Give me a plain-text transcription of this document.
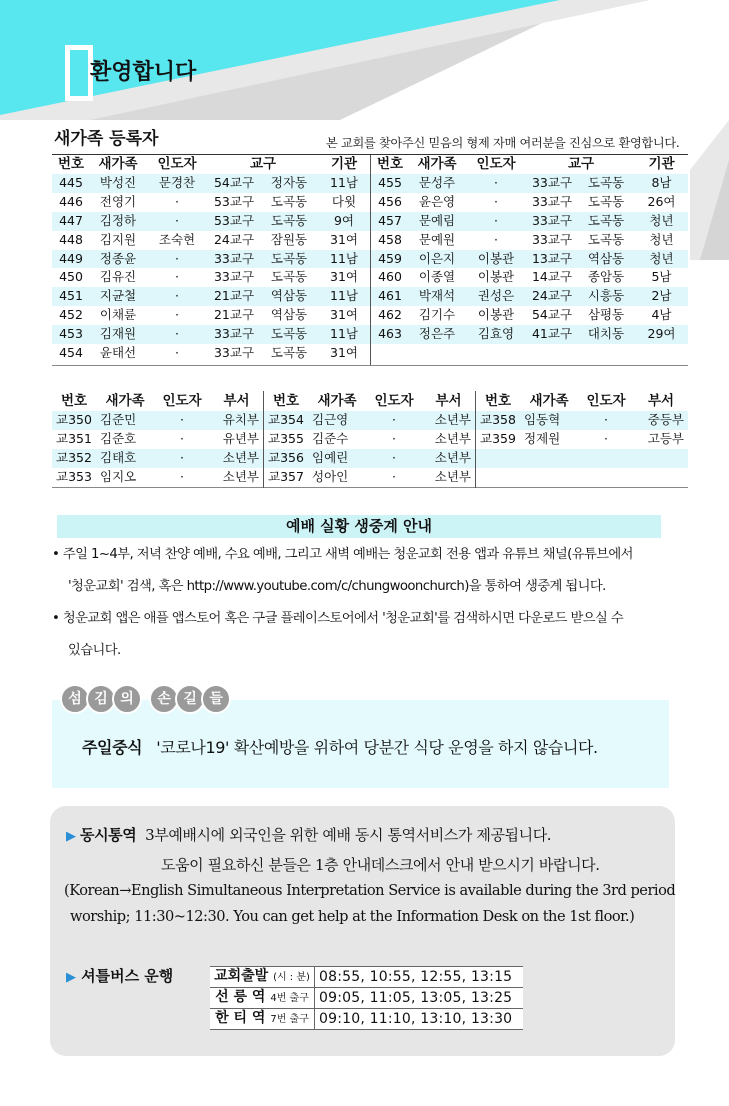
환영합니다
새가족 등록자	본 교회를 찾아주신 믿음의 형제 자매 여러분을 진심으로 환영합니다.
번호	새가족	인도자	교구		기관
445	박성진	문경찬	54교구	정자동	11남
446	전영기	·	53교구	도곡동	다윗
447	김정하	·	53교구	도곡동	9여
448	김지원	조숙현	24교구	잠원동	31여
449	정종윤	·	33교구	도곡동	11남
450	김유진	·	33교구	도곡동	31여
451	지균철	·	21교구	역삼동	11남
452	이채륜	·	21교구	역삼동	31여
453	김재원	·	33교구	도곡동	11남
454	윤태선	·	33교구	도곡동	31여
번호	새가족	인도자	교구		기관
455	문성주	·	33교구	도곡동	8남
456	윤은영	·	33교구	도곡동	26여
457	문예림	·	33교구	도곡동	청년
458	문예원	·	33교구	도곡동	청년
459	이은지	이봉관	13교구	역삼동	청년
460	이종열	이봉관	14교구	종암동	5남
461	박재석	권성은	24교구	시흥동	2남
462	김기수	이봉관	54교구	삼평동	4남
463	정은주	김효영	41교구	대치동	29여

번호	새가족	인도자	부서
교350	김준민	·	유치부
교351	김준호	·	유년부
교352	김태호	·	소년부
교353	임지오	·	소년부
번호	새가족	인도자	부서
교354	김근영	·	소년부
교355	김준수	·	소년부
교356	임예린	·	소년부
교357	성아인	·	소년부
번호	새가족	인도자	부서
교358	임동혁	·	중등부
교359	정제원	·	고등부

예배 실황 생중계 안내
• 주일 1~4부, 저녁 찬양 예배, 수요 예배, 그리고 새벽 예배는 청운교회 전용 앱과 유튜브 채널(유튜브에서
'청운교회' 검색, 혹은 http://www.youtube.com/c/chungwoonchurch)을 통하여 생중계 됩니다.
• 청운교회 앱은 애플 앱스토어 혹은 구글 플레이스토어에서 '청운교회'를 검색하시면 다운로드 받으실 수
있습니다.
섬 김 의 손 길 들
주일중식 '코로나19' 확산예방을 위하여 당분간 식당 운영을 하지 않습니다.
▶ 동시통역 3부예배시에 외국인을 위한 예배 동시 통역서비스가 제공됩니다.
도움이 필요하신 분들은 1층 안내데스크에서 안내 받으시기 바랍니다.
(Korean→English Simultaneous Interpretation Service is available during the 3rd period
worship; 11:30~12:30. You can get help at the Information Desk on the 1st floor.)
▶ 셔틀버스 운행	교회출발 (시 : 분)	08:55, 10:55, 12:55, 13:15
선 릉 역 4번 출구	09:05, 11:05, 13:05, 13:25
한 티 역 7번 출구	09:10, 11:10, 13:10, 13:30
